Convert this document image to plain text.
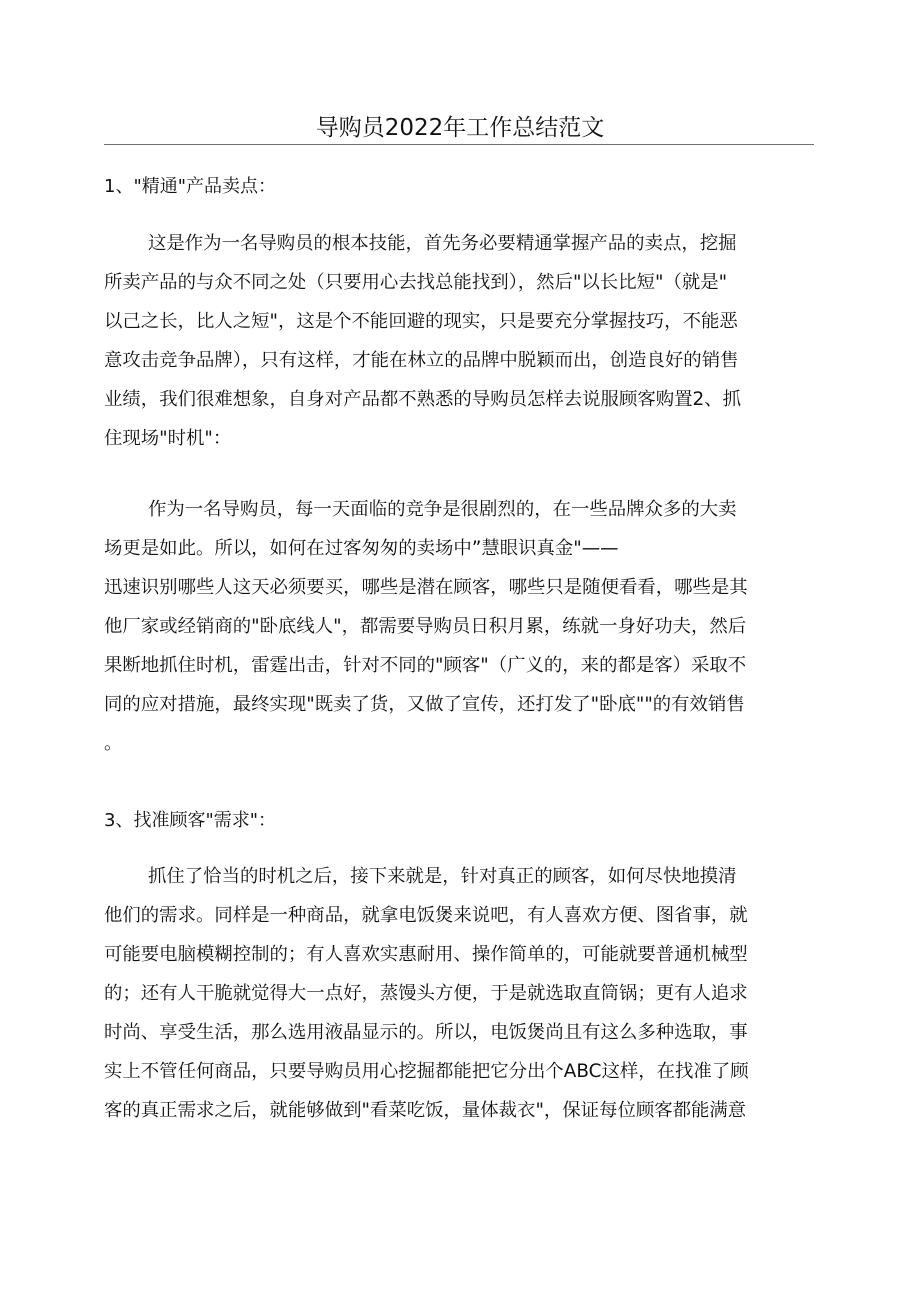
导购员2022年工作总结范文
1、"精通"产品卖点：
这是作为一名导购员的根本技能，首先务必要精通掌握产品的卖点，挖掘
所卖产品的与众不同之处（只要用心去找总能找到），然后"以长比短"（就是"
以己之长，比人之短"，这是个不能回避的现实，只是要充分掌握技巧，不能恶
意攻击竞争品牌），只有这样，才能在林立的品牌中脱颖而出，创造良好的销售
业绩，我们很难想象，自身对产品都不熟悉的导购员怎样去说服顾客购置2、抓
住现场"时机"：
作为一名导购员，每一天面临的竞争是很剧烈的，在一些品牌众多的大卖
场更是如此。所以，如何在过客匆匆的卖场中”慧眼识真金"——
迅速识别哪些人这天必须要买，哪些是潜在顾客，哪些只是随便看看，哪些是其
他厂家或经销商的"卧底线人"，都需要导购员日积月累，练就一身好功夫，然后
果断地抓住时机，雷霆出击，针对不同的"顾客"（广义的，来的都是客）采取不
同的应对措施，最终实现"既卖了货，又做了宣传，还打发了"卧底""的有效销售
。
3、找准顾客"需求"：
抓住了恰当的时机之后，接下来就是，针对真正的顾客，如何尽快地摸清
他们的需求。同样是一种商品，就拿电饭煲来说吧，有人喜欢方便、图省事，就
可能要电脑模糊控制的；有人喜欢实惠耐用、操作简单的，可能就要普通机械型
的；还有人干脆就觉得大一点好，蒸馒头方便，于是就选取直筒锅；更有人追求
时尚、享受生活，那么选用液晶显示的。所以，电饭煲尚且有这么多种选取，事
实上不管任何商品，只要导购员用心挖掘都能把它分出个ABC这样，在找准了顾
客的真正需求之后，就能够做到"看菜吃饭，量体裁衣"，保证每位顾客都能满意
